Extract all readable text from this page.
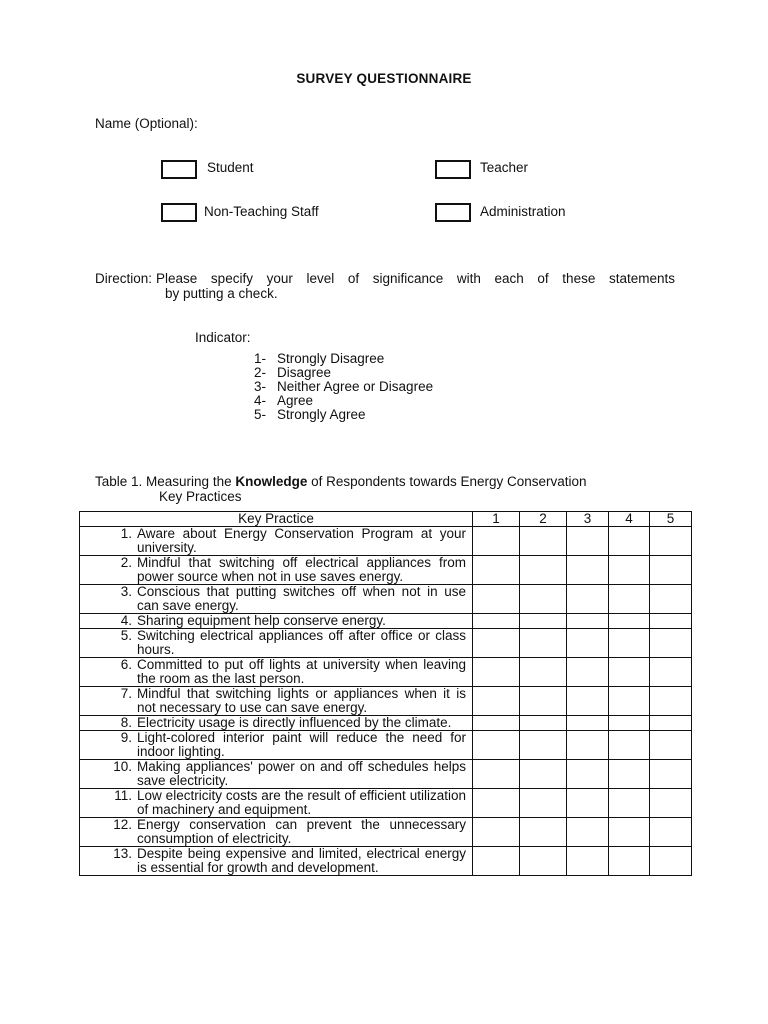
SURVEY QUESTIONNAIRE
Name (Optional):
Student	Teacher
Non-Teaching Staff	Administration
Direction: Please specify your level of significance with each of these statements
by putting a check.
Indicator:
1- Strongly Disagree
2- Disagree
3- Neither Agree or Disagree
4- Agree
5- Strongly Agree
Table 1. Measuring the Knowledge of Respondents towards Energy Conservation
Key Practices
Key Practice	1	2	3	4	5

1. Aware about Energy Conservation Program at your university.					

2. Mindful that switching off electrical appliances from power source when not in use saves energy.					

3. Conscious that putting switches off when not in use can save energy.					

4. Sharing equipment help conserve energy.					

5. Switching electrical appliances off after office or class hours.					

6. Committed to put off lights at university when leaving the room as the last person.					

7. Mindful that switching lights or appliances when it is not necessary to use can save energy.					

8. Electricity usage is directly influenced by the climate.					

9. Light-colored interior paint will reduce the need for indoor lighting.					

10. Making appliances' power on and off schedules helps save electricity.					

11. Low electricity costs are the result of efficient utilization of machinery and equipment.					

12. Energy conservation can prevent the unnecessary consumption of electricity.					

13. Despite being expensive and limited, electrical energy is essential for growth and development.					
